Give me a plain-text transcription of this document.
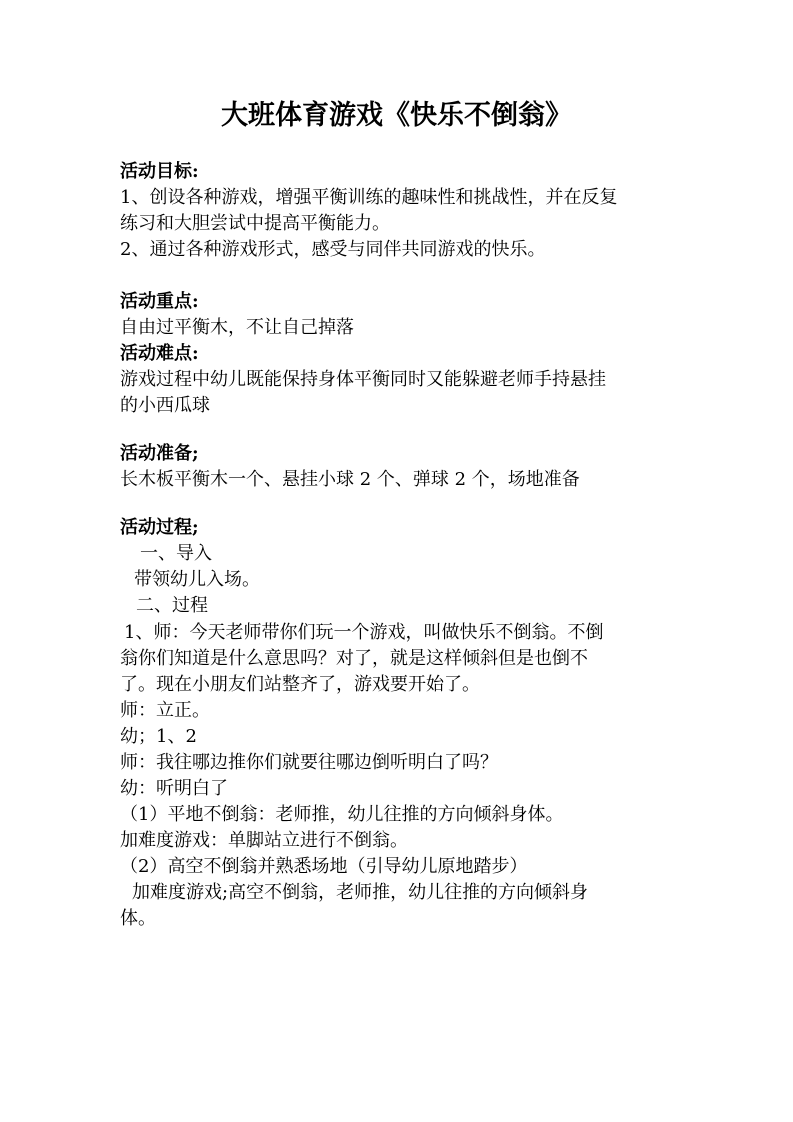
大班体育游戏《快乐不倒翁》
活动目标:
1、创设各种游戏，增强平衡训练的趣味性和挑战性，并在反复
练习和大胆尝试中提高平衡能力。
2、通过各种游戏形式，感受与同伴共同游戏的快乐。
活动重点:
自由过平衡木，不让自己掉落
活动难点:
游戏过程中幼儿既能保持身体平衡同时又能躲避老师手持悬挂
的小西瓜球
活动准备;
长木板平衡木一个、悬挂小球 2 个、弹球 2 个，场地准备
活动过程;
一、导入
带领幼儿入场。
二、过程
1、师：今天老师带你们玩一个游戏，叫做快乐不倒翁。不倒
翁你们知道是什么意思吗？对了，就是这样倾斜但是也倒不
了。现在小朋友们站整齐了，游戏要开始了。
师：立正。
幼；1、2
师：我往哪边推你们就要往哪边倒听明白了吗？
幼：听明白了
（1）平地不倒翁：老师推，幼儿往推的方向倾斜身体。
加难度游戏：单脚站立进行不倒翁。
（2）高空不倒翁并熟悉场地（引导幼儿原地踏步）
加难度游戏;高空不倒翁，老师推，幼儿往推的方向倾斜身
体。
